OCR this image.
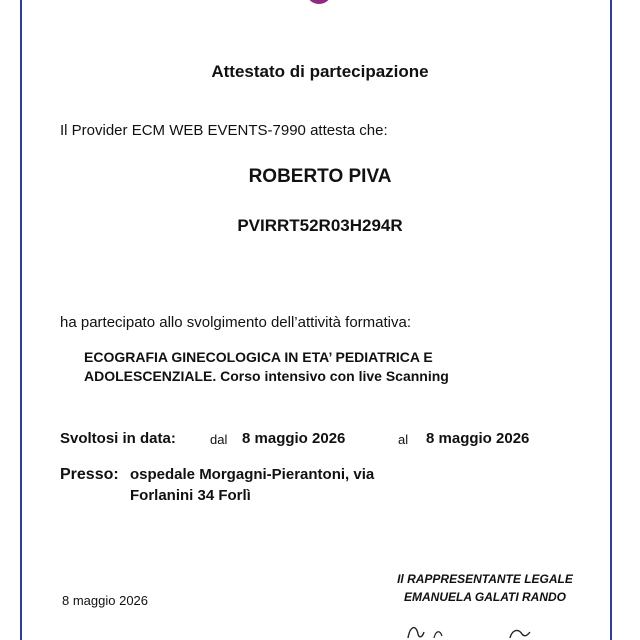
Attestato di partecipazione
Il Provider ECM WEB EVENTS-7990 attesta che:
ROBERTO PIVA
PVIRRT52R03H294R
ha partecipato allo svolgimento dell’attività formativa:
ECOGRAFIA GINECOLOGICA IN ETA’ PEDIATRICA E
ADOLESCENZIALE. Corso intensivo con live Scanning
Svoltosi in data:	dal 8 maggio 2026	al 8 maggio 2026
Presso: ospedale Morgagni-Pierantoni, via
Forlanini 34 Forlì
Il RAPPRESENTANTE LEGALE
EMANUELA GALATI RANDO
8 maggio 2026
